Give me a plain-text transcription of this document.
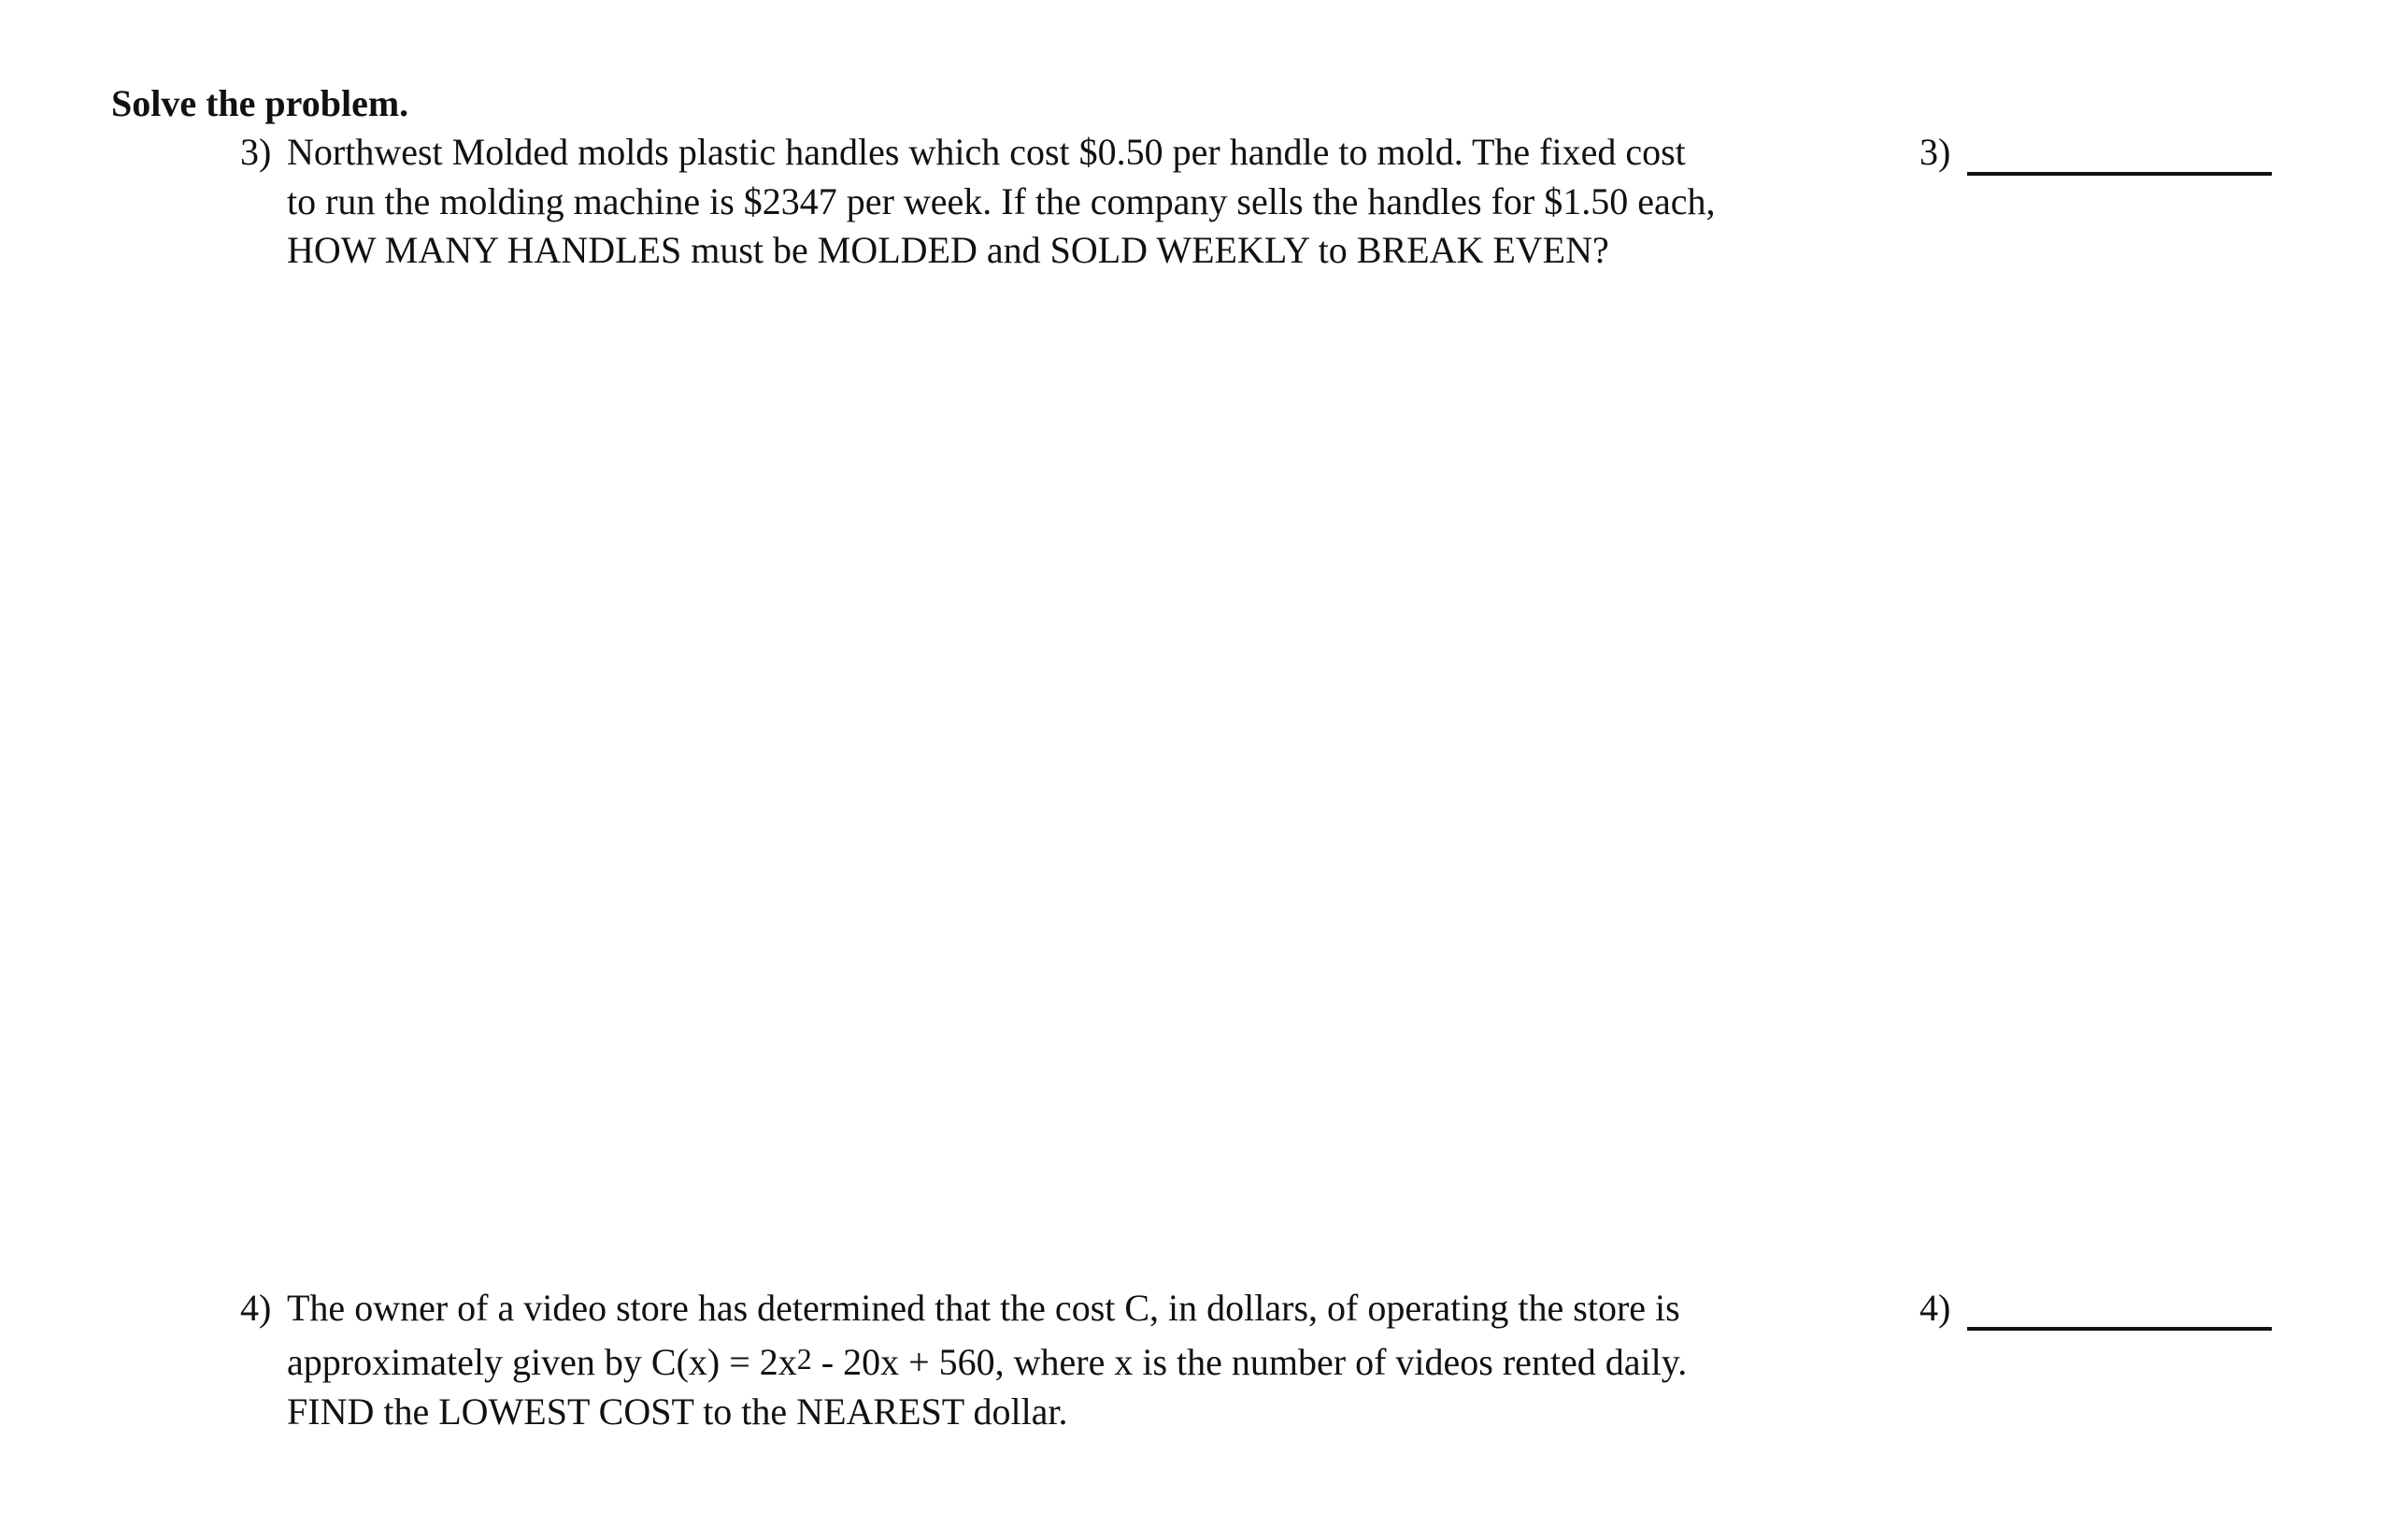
Solve the problem.
3) Northwest Molded molds plastic handles which cost $0.50 per handle to mold. The fixed cost
to run the molding machine is $2347 per week. If the company sells the handles for $1.50 each,
HOW MANY HANDLES must be MOLDED and SOLD WEEKLY to BREAK EVEN?
3)
4) The owner of a video store has determined that the cost C, in dollars, of operating the store is
approximately given by $C(x) = 2x^2 - 20x + 560$, where x is the number of videos rented daily.
FIND the LOWEST COST to the NEAREST dollar.
4)
